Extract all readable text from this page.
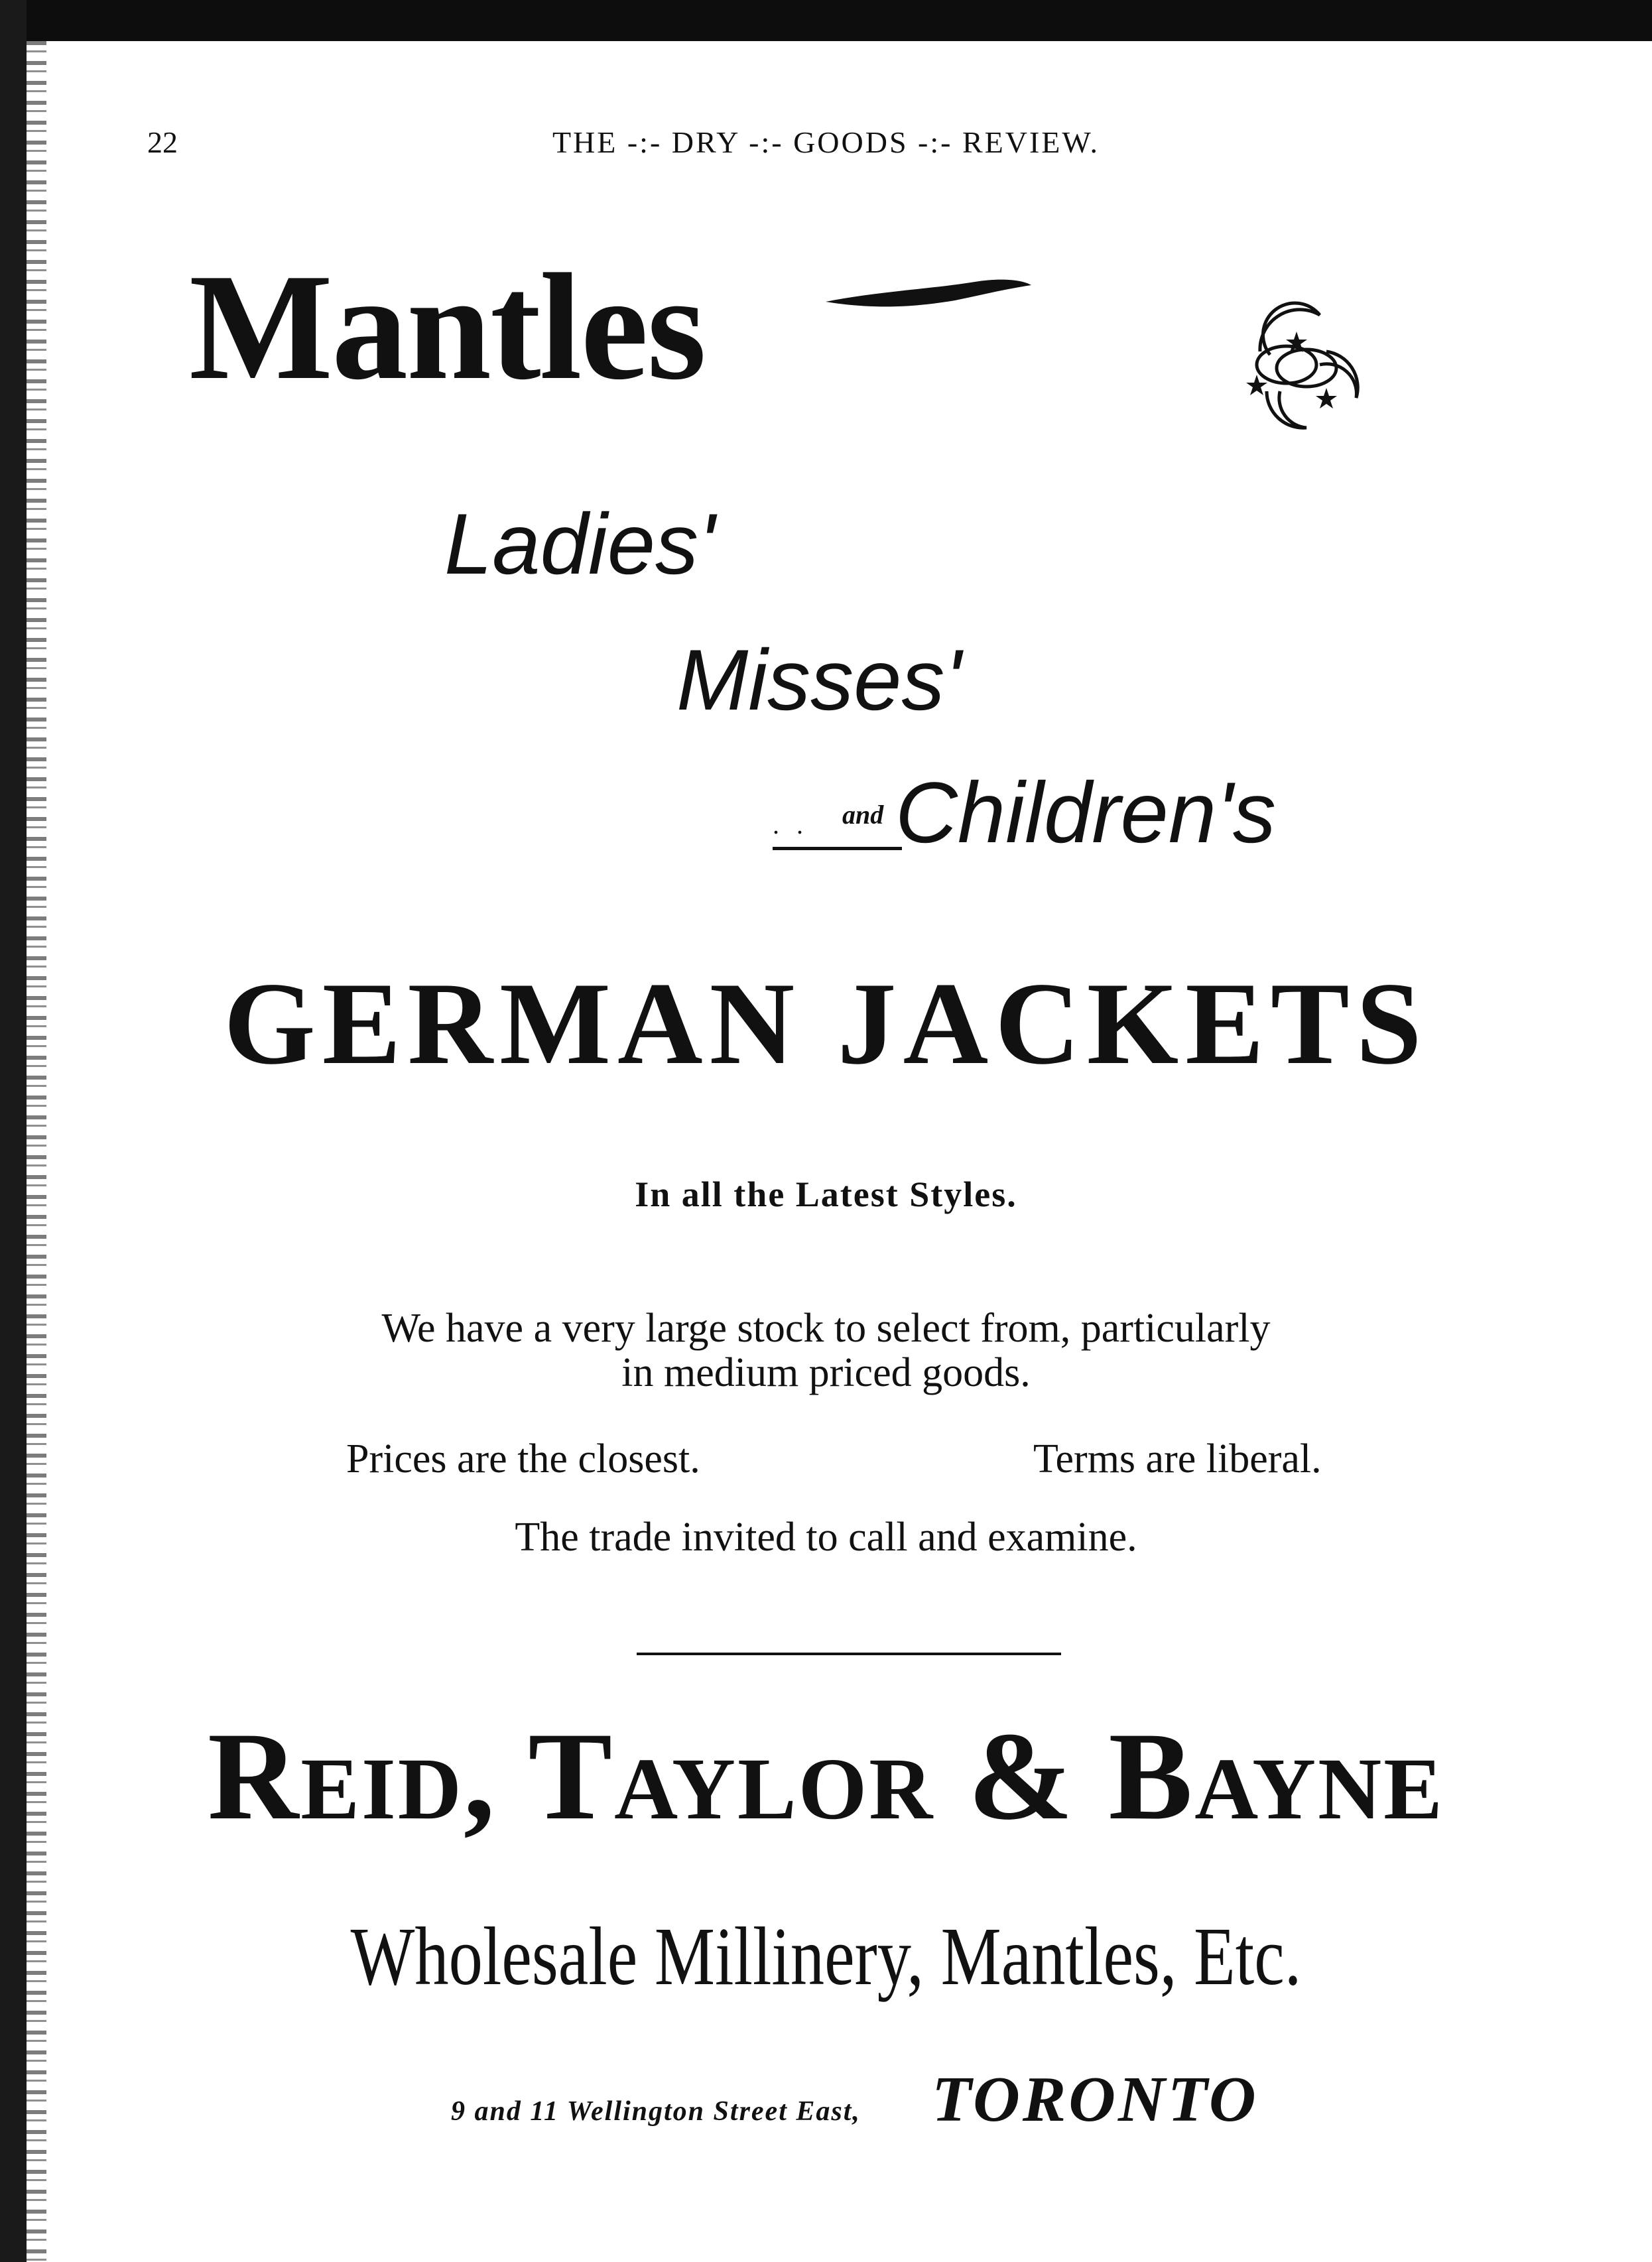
22	THE -:- DRY -:- GOODS -:- REVIEW.

Mantles

Ladies'

Misses'

. . and Children's

GERMAN JACKETS

In all the Latest Styles.

We have a very large stock to select from, particularly
in medium priced goods.

Prices are the closest.	Terms are liberal.

The trade invited to call and examine.

Reid, Taylor & Bayne

Wholesale Millinery, Mantles, Etc.

9 and 11 Wellington Street East, TORONTO
